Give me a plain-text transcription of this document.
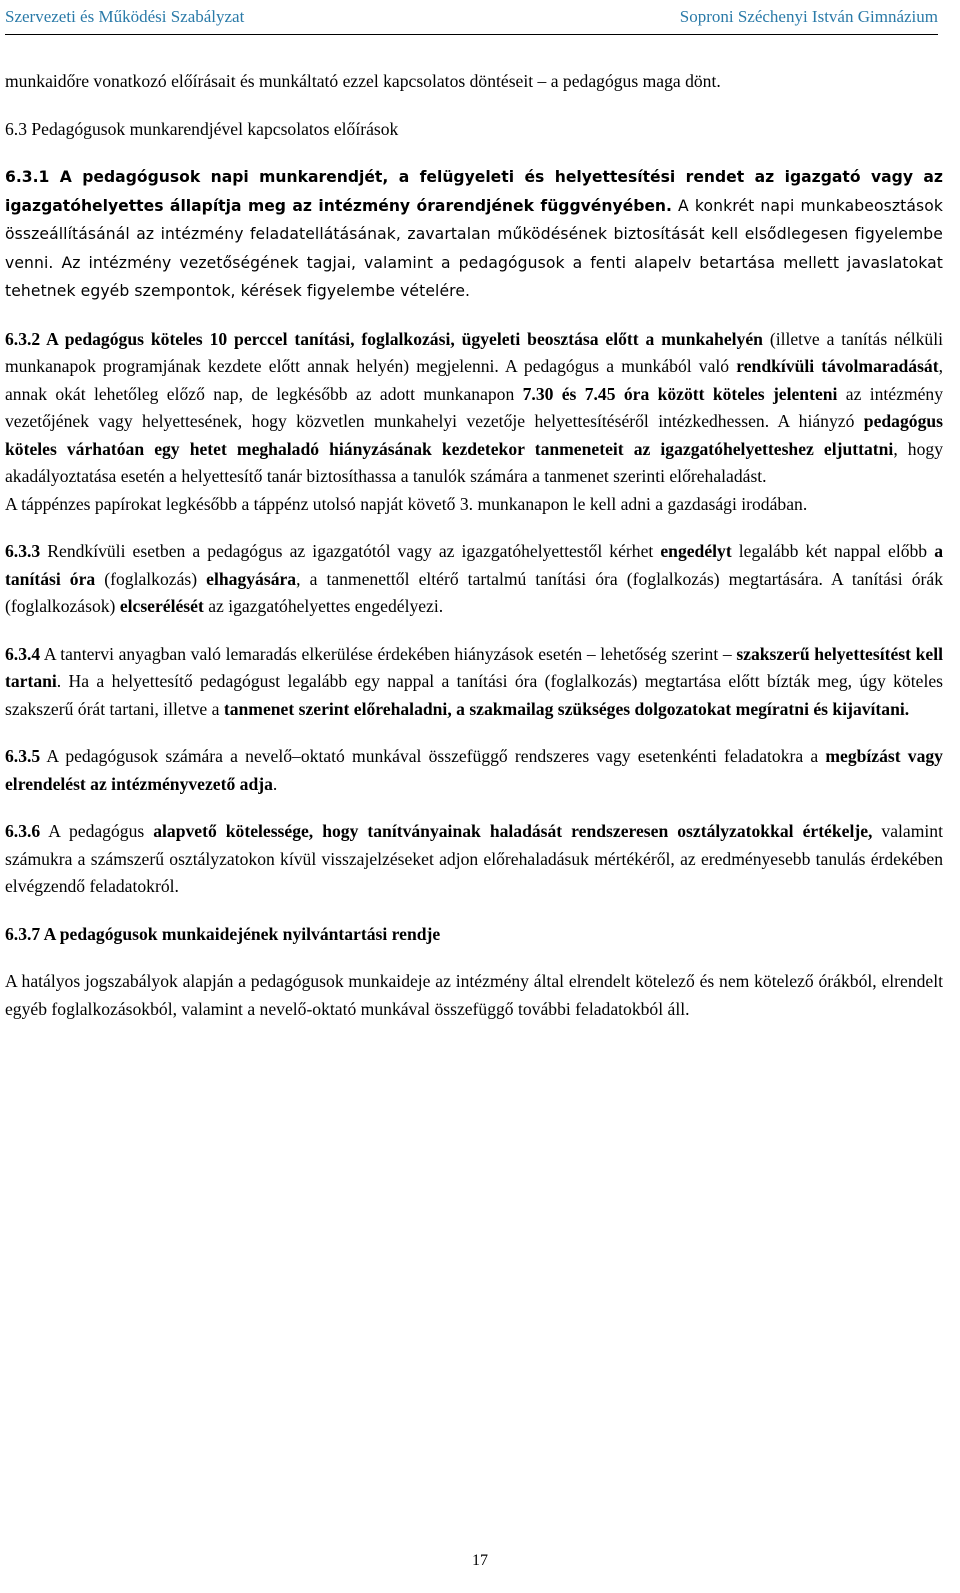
Szervezeti és Működési Szabályzat	Soproni Széchenyi István Gimnázium

munkaidőre vonatkozó előírásait és munkáltató ezzel kapcsolatos döntéseit – a pedagógus maga dönt.

6.3 Pedagógusok munkarendjével kapcsolatos előírások

6.3.1 A pedagógusok napi munkarendjét, a felügyeleti és helyettesítési rendet az igazgató vagy az igazgatóhelyettes állapítja meg az intézmény órarendjének függvényében. A konkrét napi munkabeosztások összeállításánál az intézmény feladatellátásának, zavartalan működésének biztosítását kell elsődlegesen figyelembe venni. Az intézmény vezetőségének tagjai, valamint a pedagógusok a fenti alapelv betartása mellett javaslatokat tehetnek egyéb szempontok, kérések figyelembe vételére.

6.3.2 A pedagógus köteles 10 perccel tanítási, foglalkozási, ügyeleti beosztása előtt a munkahelyén (illetve a tanítás nélküli munkanapok programjának kezdete előtt annak helyén) megjelenni. A pedagógus a munkából való rendkívüli távolmaradását, annak okát lehetőleg előző nap, de legkésőbb az adott munkanapon 7.30 és 7.45 óra között köteles jelenteni az intézmény vezetőjének vagy helyettesének, hogy közvetlen munkahelyi vezetője helyettesítéséről intézkedhessen. A hiányzó pedagógus köteles várhatóan egy hetet meghaladó hiányzásának kezdetekor tanmeneteit az igazgatóhelyetteshez eljuttatni, hogy akadályoztatása esetén a helyettesítő tanár biztosíthassa a tanulók számára a tanmenet szerinti előrehaladást.

A táppénzes papírokat legkésőbb a táppénz utolsó napját követő 3. munkanapon le kell adni a gazdasági irodában.

6.3.3 Rendkívüli esetben a pedagógus az igazgatótól vagy az igazgatóhelyettestől kérhet engedélyt legalább két nappal előbb a tanítási óra (foglalkozás) elhagyására, a tanmenettől eltérő tartalmú tanítási óra (foglalkozás) megtartására. A tanítási órák (foglalkozások) elcserélését az igazgatóhelyettes engedélyezi.

6.3.4 A tantervi anyagban való lemaradás elkerülése érdekében hiányzások esetén – lehetőség szerint – szakszerű helyettesítést kell tartani. Ha a helyettesítő pedagógust legalább egy nappal a tanítási óra (foglalkozás) megtartása előtt bízták meg, úgy köteles szakszerű órát tartani, illetve a tanmenet szerint előrehaladni, a szakmailag szükséges dolgozatokat megíratni és kijavítani.

6.3.5 A pedagógusok számára a nevelő–oktató munkával összefüggő rendszeres vagy esetenkénti feladatokra a megbízást vagy elrendelést az intézményvezető adja.

6.3.6 A pedagógus alapvető kötelessége, hogy tanítványainak haladását rendszeresen osztályzatokkal értékelje, valamint számukra a számszerű osztályzatokon kívül visszajelzéseket adjon előrehaladásuk mértékéről, az eredményesebb tanulás érdekében elvégzendő feladatokról.

6.3.7 A pedagógusok munkaidejének nyilvántartási rendje

A hatályos jogszabályok alapján a pedagógusok munkaideje az intézmény által elrendelt kötelező és nem kötelező órákból, elrendelt egyéb foglalkozásokból, valamint a nevelő-oktató munkával összefüggő további feladatokból áll.

17
